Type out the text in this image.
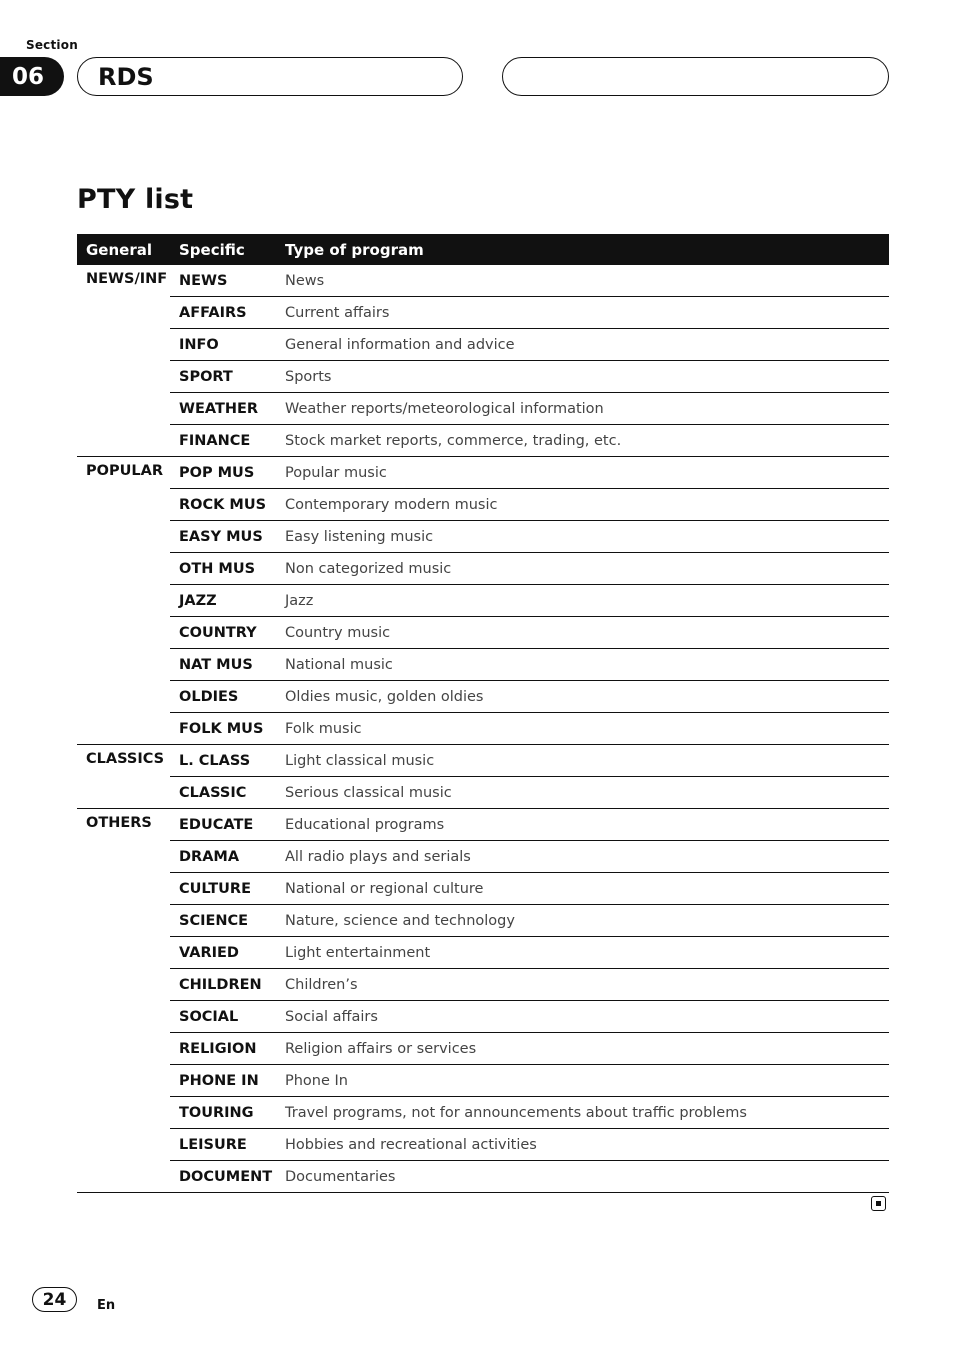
Section
06	RDS
PTY list
General	Specific	Type of program
NEWS/INF	NEWS	News
	AFFAIRS	Current affairs
	INFO	General information and advice
	SPORT	Sports
	WEATHER	Weather reports/meteorological information
	FINANCE	Stock market reports, commerce, trading, etc.
POPULAR	POP MUS	Popular music
	ROCK MUS	Contemporary modern music
	EASY MUS	Easy listening music
	OTH MUS	Non categorized music
	JAZZ	Jazz
	COUNTRY	Country music
	NAT MUS	National music
	OLDIES	Oldies music, golden oldies
	FOLK MUS	Folk music
CLASSICS	L. CLASS	Light classical music
	CLASSIC	Serious classical music
OTHERS	EDUCATE	Educational programs
	DRAMA	All radio plays and serials
	CULTURE	National or regional culture
	SCIENCE	Nature, science and technology
	VARIED	Light entertainment
	CHILDREN	Children’s
	SOCIAL	Social affairs
	RELIGION	Religion affairs or services
	PHONE IN	Phone In
	TOURING	Travel programs, not for announcements about traffic problems
	LEISURE	Hobbies and recreational activities
	DOCUMENT	Documentaries
24	En
